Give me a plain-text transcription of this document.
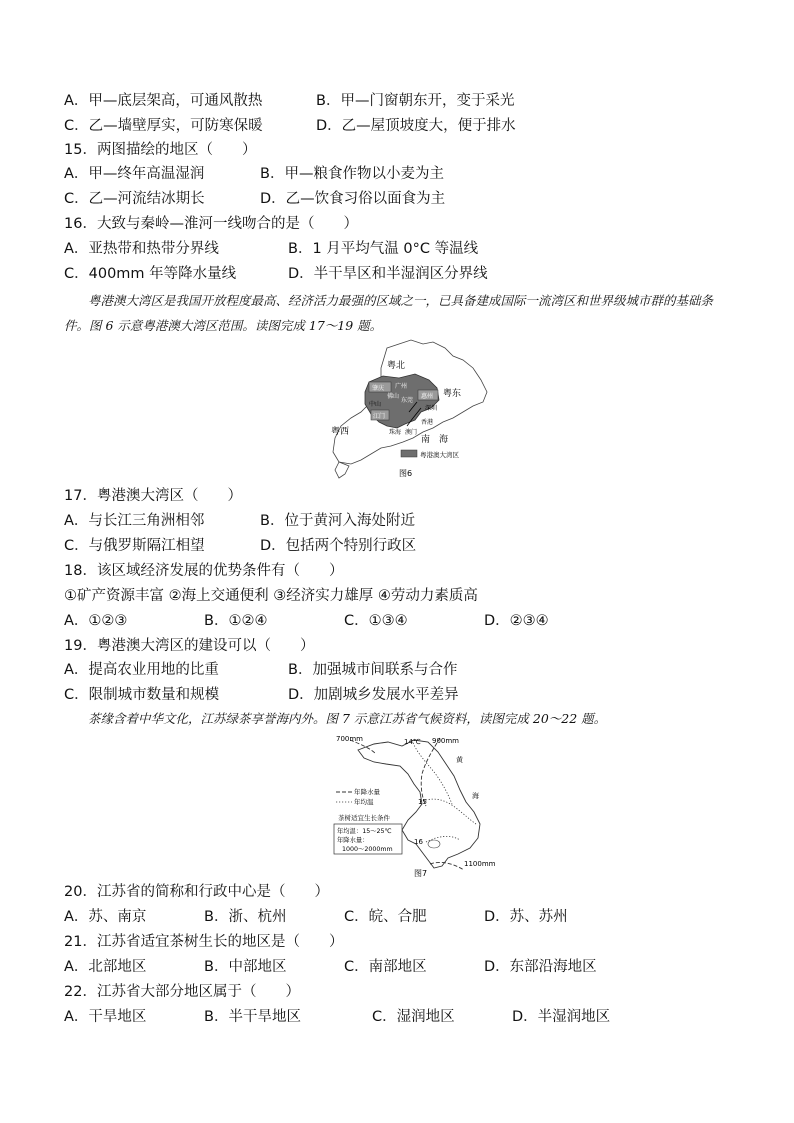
A．甲—底层架高，可通风散热	B．甲—门窗朝东开，变于采光
C．乙—墙壁厚实，可防寒保暖	D．乙—屋顶坡度大，便于排水
15．两图描绘的地区（　　）
A．甲—终年高温湿润	B．甲—粮食作物以小麦为主
C．乙—河流结冰期长	D．乙—饮食习俗以面食为主
16．大致与秦岭—淮河一线吻合的是（　　）
A．亚热带和热带分界线	B．1 月平均气温 0°C 等温线
C．400mm 年等降水量线	D．半干旱区和半湿润区分界线
粤港澳大湾区是我国开放程度最高、经济活力最强的区域之一，已具备建成国际一流湾区和世界级城市群的基础条件。图 6 示意粤港澳大湾区范围。读图完成 17～19 题。
粤北
粤东
粤西
南　海
肇庆 广州
惠州
佛山
东莞
中山
深圳
江门
香港
珠海 澳门
粤港澳大湾区
图6
17．粤港澳大湾区（　　）
A．与长江三角洲相邻	B．位于黄河入海处附近
C．与俄罗斯隔江相望	D．包括两个特别行政区
18．该区域经济发展的优势条件有（　　）
①矿产资源丰富 ②海上交通便利 ③经济实力雄厚 ④劳动力素质高
A．①②③	B．①②④	C．①③④	D．②③④
19．粤港澳大湾区的建设可以（　　）
A．提高农业用地的比重	B．加强城市间联系与合作
C．限制城市数量和规模	D．加剧城乡发展水平差异
茶缘含着中华文化，江苏绿茶享誉海内外。图 7 示意江苏省气候资料，读图完成 20～22 题。
700mm	14℃ 900mm
黄
海
15
16
1100mm
年降水量
年均温
茶树适宜生长条件
年均温：15～25℃
年降水量：
1000～2000mm
图7
20．江苏省的简称和行政中心是（　　）
A．苏、南京	B．浙、杭州	C．皖、合肥	D．苏、苏州
21．江苏省适宜茶树生长的地区是（　　）
A．北部地区	B．中部地区	C．南部地区	D．东部沿海地区
22．江苏省大部分地区属于（　　）
A．干旱地区	B．半干旱地区	C．湿润地区	D．半湿润地区
